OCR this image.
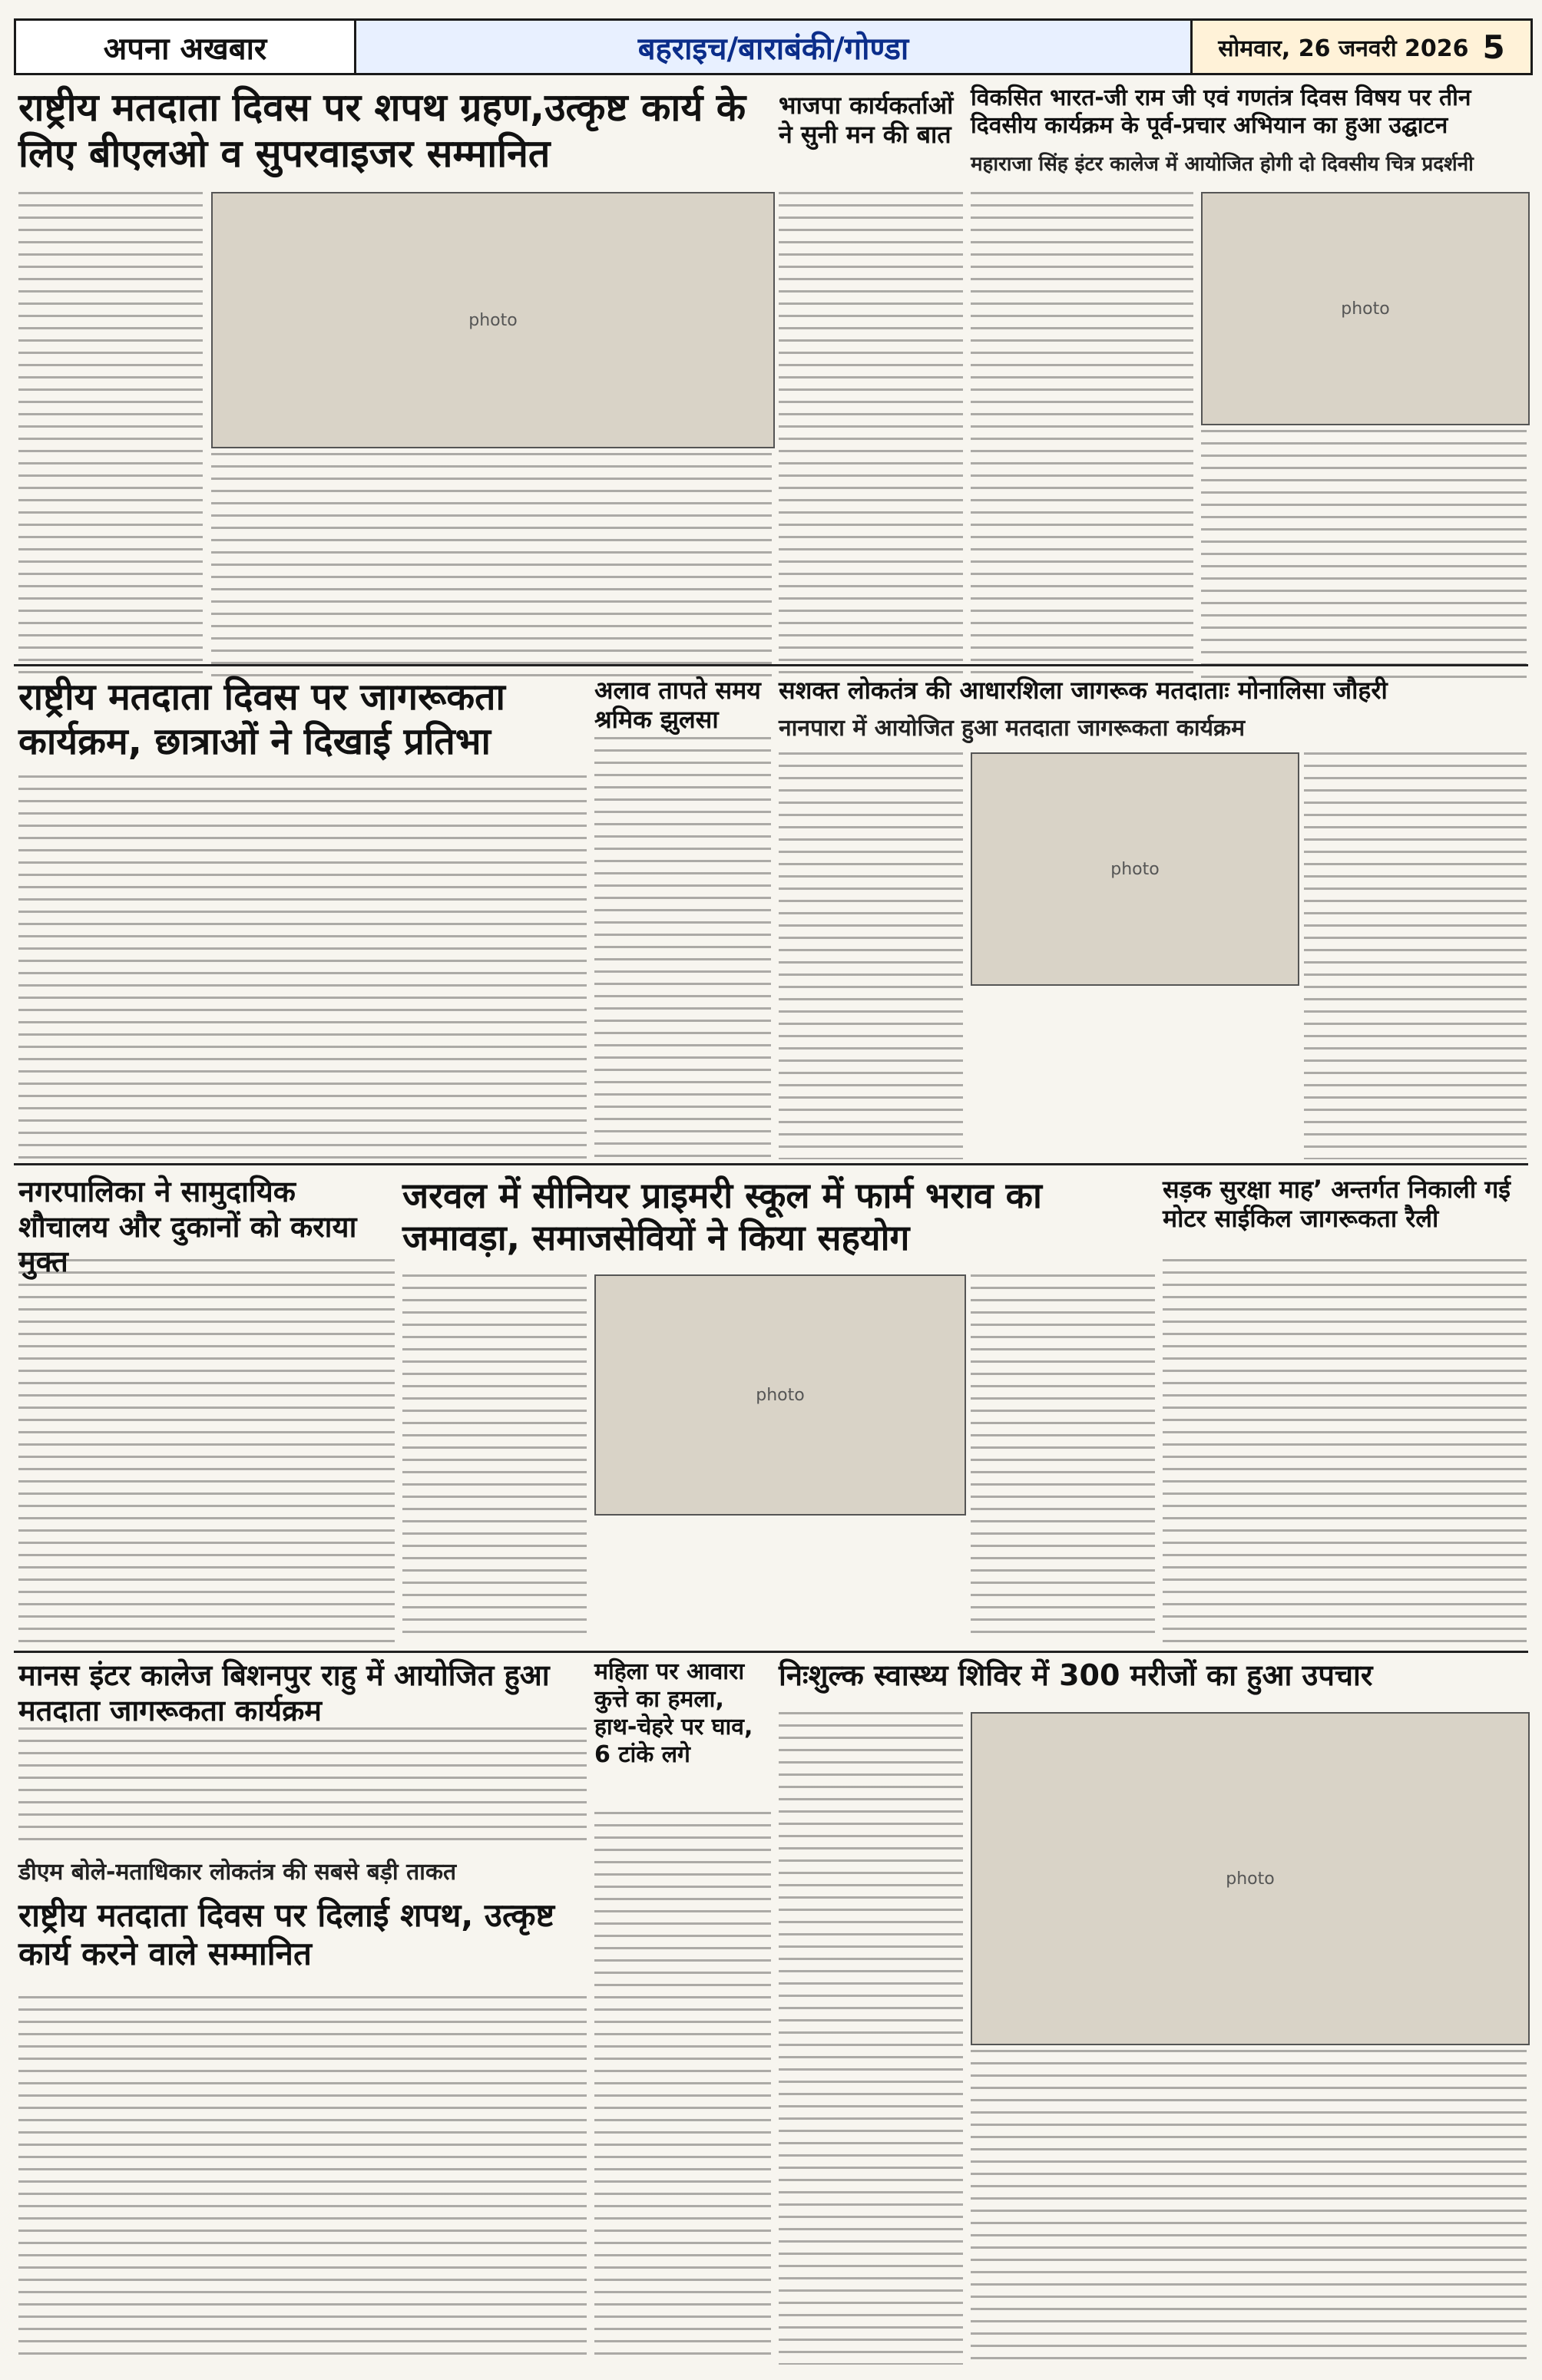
अपना अखबार	बहराइच/बाराबंकी/गोण्डा	सोमवार, 26 जनवरी 2026 5
राष्ट्रीय मतदाता दिवस पर शपथ ग्रहण,उत्कृष्ट कार्य के लिए बीएलओ व सुपरवाइजर सम्मानित
photo
भाजपा कार्यकर्ताओं ने सुनी मन की बात
विकसित भारत-जी राम जी एवं गणतंत्र दिवस विषय पर तीन दिवसीय कार्यक्रम के पूर्व-प्रचार अभियान का हुआ उद्घाटन
महाराजा सिंह इंटर कालेज में आयोजित होगी दो दिवसीय चित्र प्रदर्शनी
photo
राष्ट्रीय मतदाता दिवस पर जागरूकता कार्यक्रम, छात्राओं ने दिखाई प्रतिभा
अलाव तापते समय श्रमिक झुलसा
सशक्त लोकतंत्र की आधारशिला जागरूक मतदाताः मोनालिसा जौहरी
नानपारा में आयोजित हुआ मतदाता जागरूकता कार्यक्रम
photo
नगरपालिका ने सामुदायिक शौचालय और दुकानों को कराया मुक्त
जरवल में सीनियर प्राइमरी स्कूल में फार्म भराव का जमावड़ा, समाजसेवियों ने किया सहयोग
photo
सड़क सुरक्षा माह’ अन्तर्गत निकाली गई मोटर साईकिल जागरूकता रैली
मानस इंटर कालेज बिशनपुर राहु में आयोजित हुआ मतदाता जागरूकता कार्यक्रम
महिला पर आवारा कुत्ते का हमला, हाथ-चेहरे पर घाव, 6 टांके लगे
निःशुल्क स्वास्थ्य शिविर में 300 मरीजों का हुआ उपचार
photo
डीएम बोले-मताधिकार लोकतंत्र की सबसे बड़ी ताकत
राष्ट्रीय मतदाता दिवस पर दिलाई शपथ, उत्कृष्ट कार्य करने वाले सम्मानित
